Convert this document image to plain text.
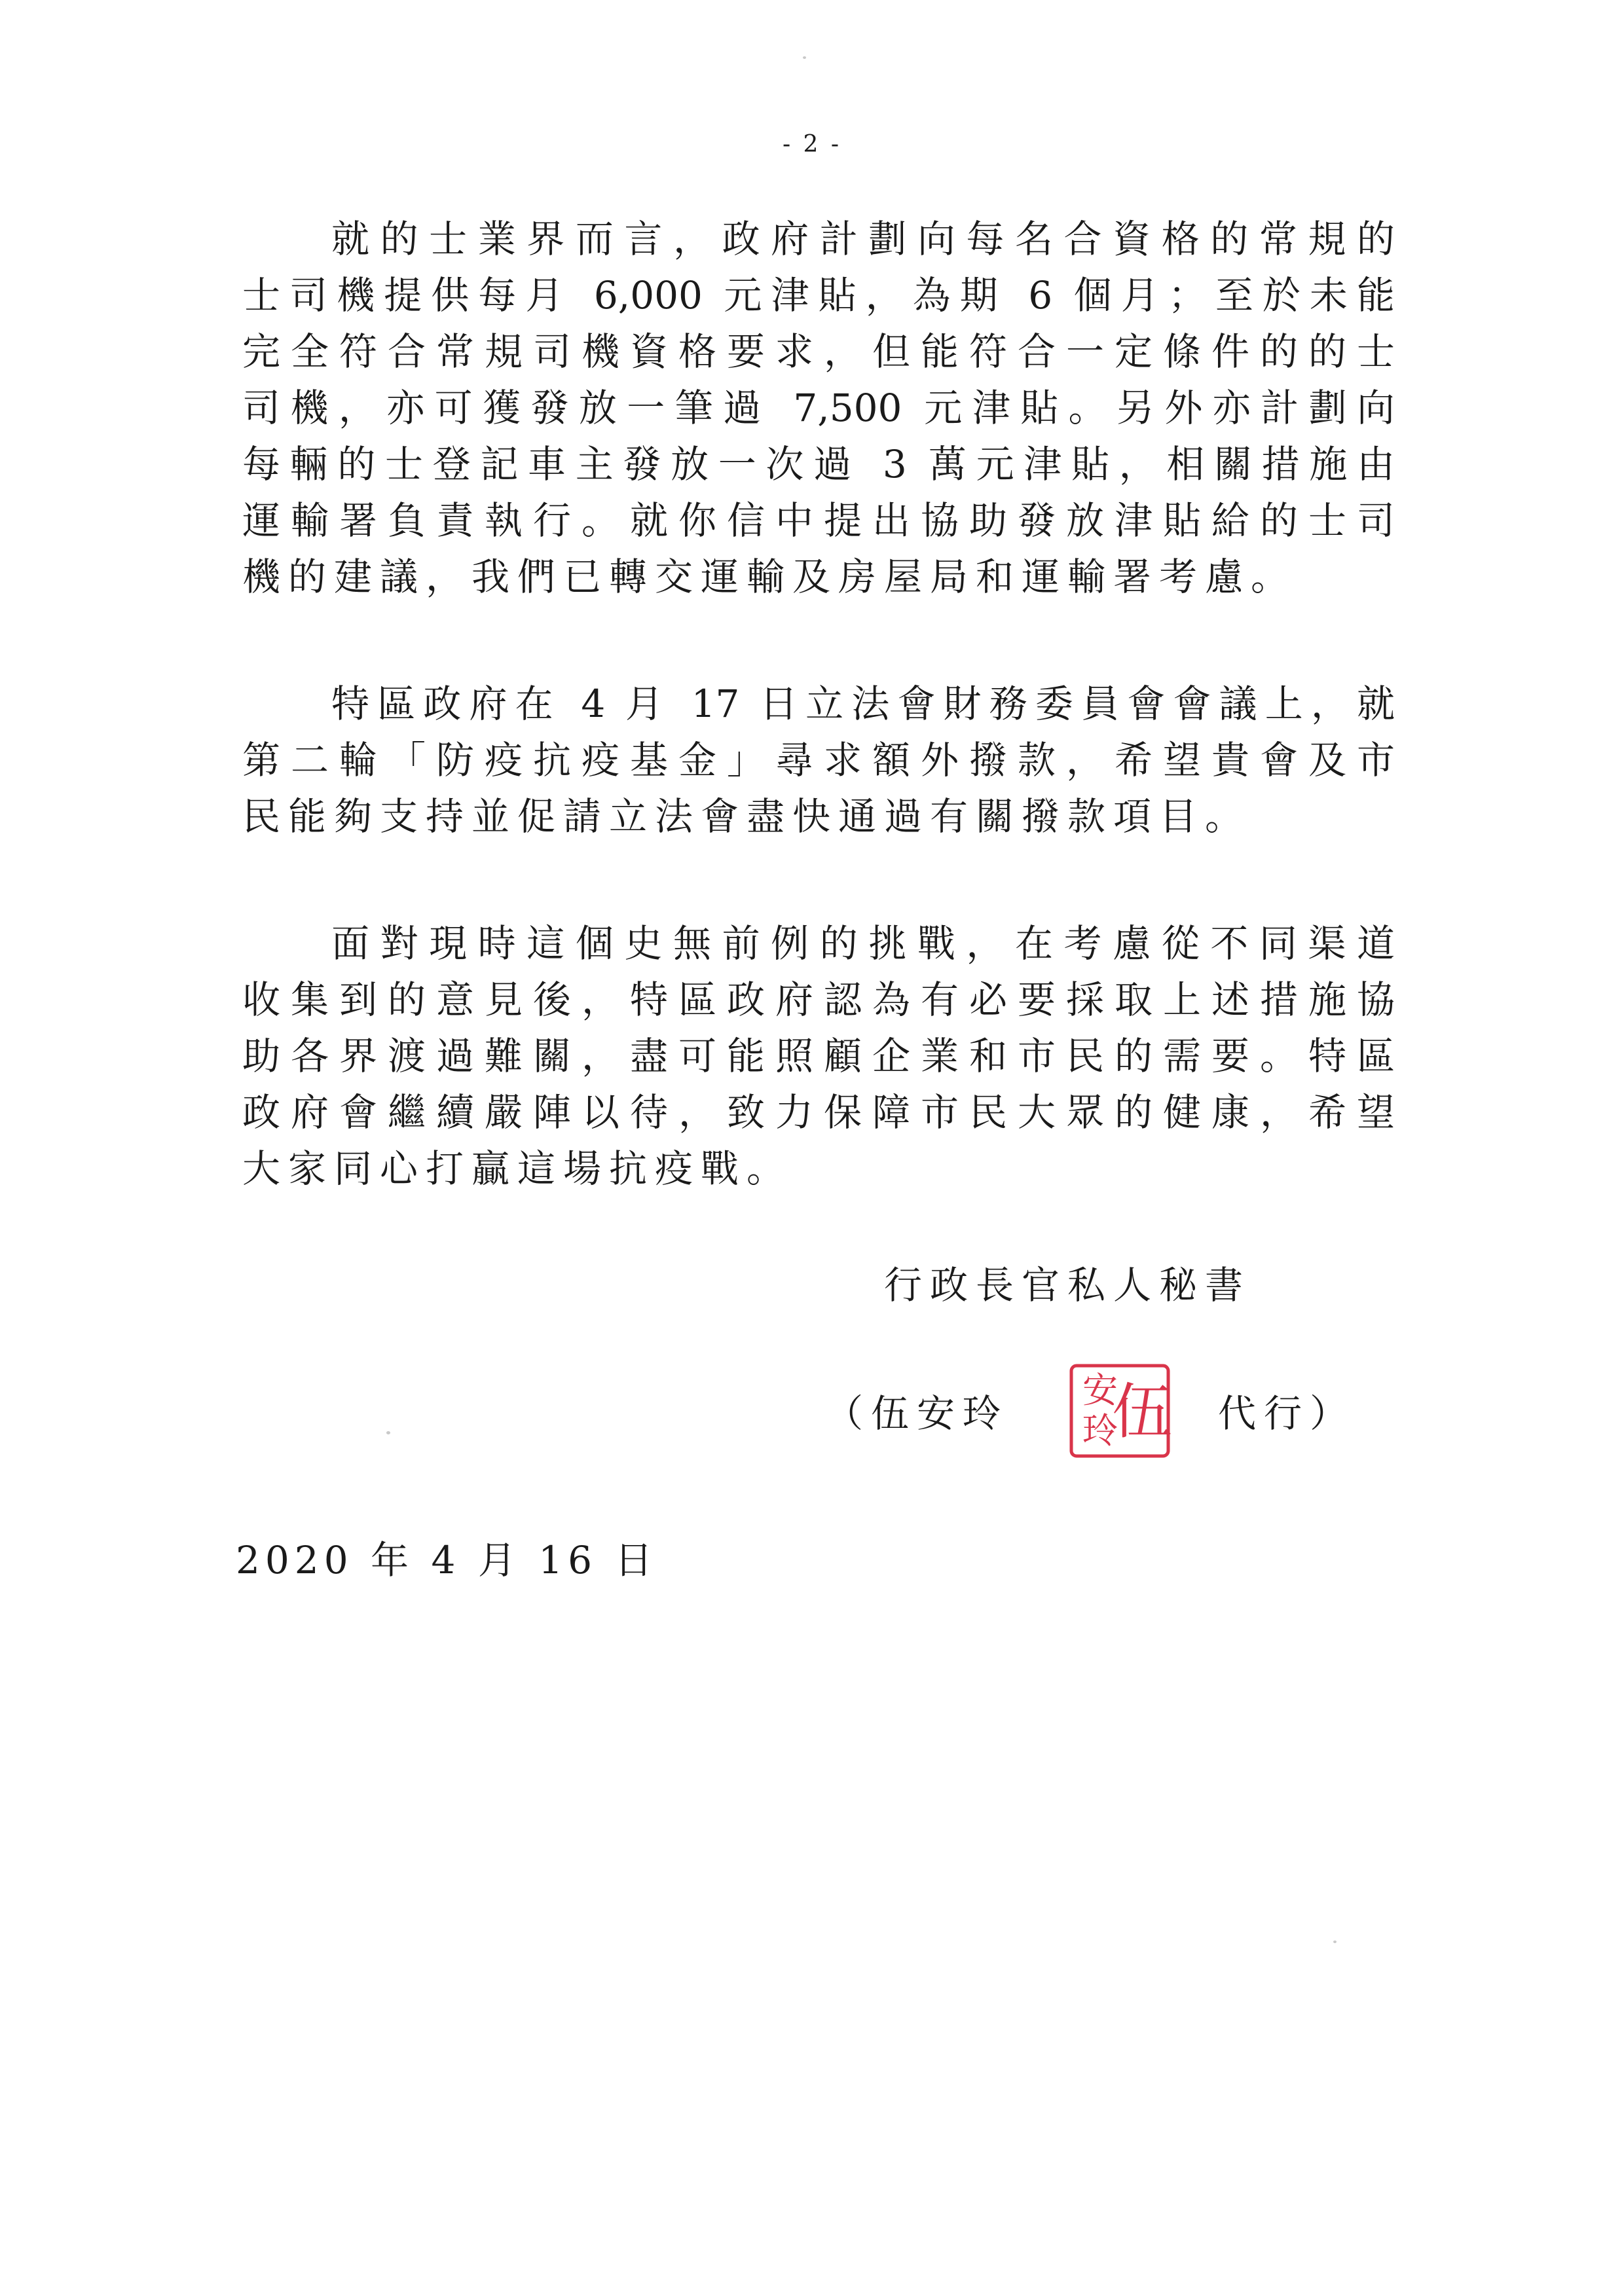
- 2 -
就的士業界而言，政府計劃向每名合資格的常規的
士司機提供每月 6,000 元津貼，為期 6 個月；至於未能
完全符合常規司機資格要求，但能符合一定條件的的士
司機，亦可獲發放一筆過 7,500 元津貼。另外亦計劃向
每輛的士登記車主發放一次過 3 萬元津貼，相關措施由
運輸署負責執行。就你信中提出協助發放津貼給的士司
機的建議，我們已轉交運輸及房屋局和運輸署考慮。
特區政府在 4 月 17 日立法會財務委員會會議上，就
第二輪「防疫抗疫基金」尋求額外撥款，希望貴會及市
民能夠支持並促請立法會盡快通過有關撥款項目。
面對現時這個史無前例的挑戰，在考慮從不同渠道
收集到的意見後，特區政府認為有必要採取上述措施協
助各界渡過難關，盡可能照顧企業和市民的需要。特區
政府會繼續嚴陣以待，致力保障市民大眾的健康，希望
大家同心打贏這場抗疫戰。
行政長官私人秘書
（伍安玲
安
玲
伍 代行）
2020 年 4 月 16 日
